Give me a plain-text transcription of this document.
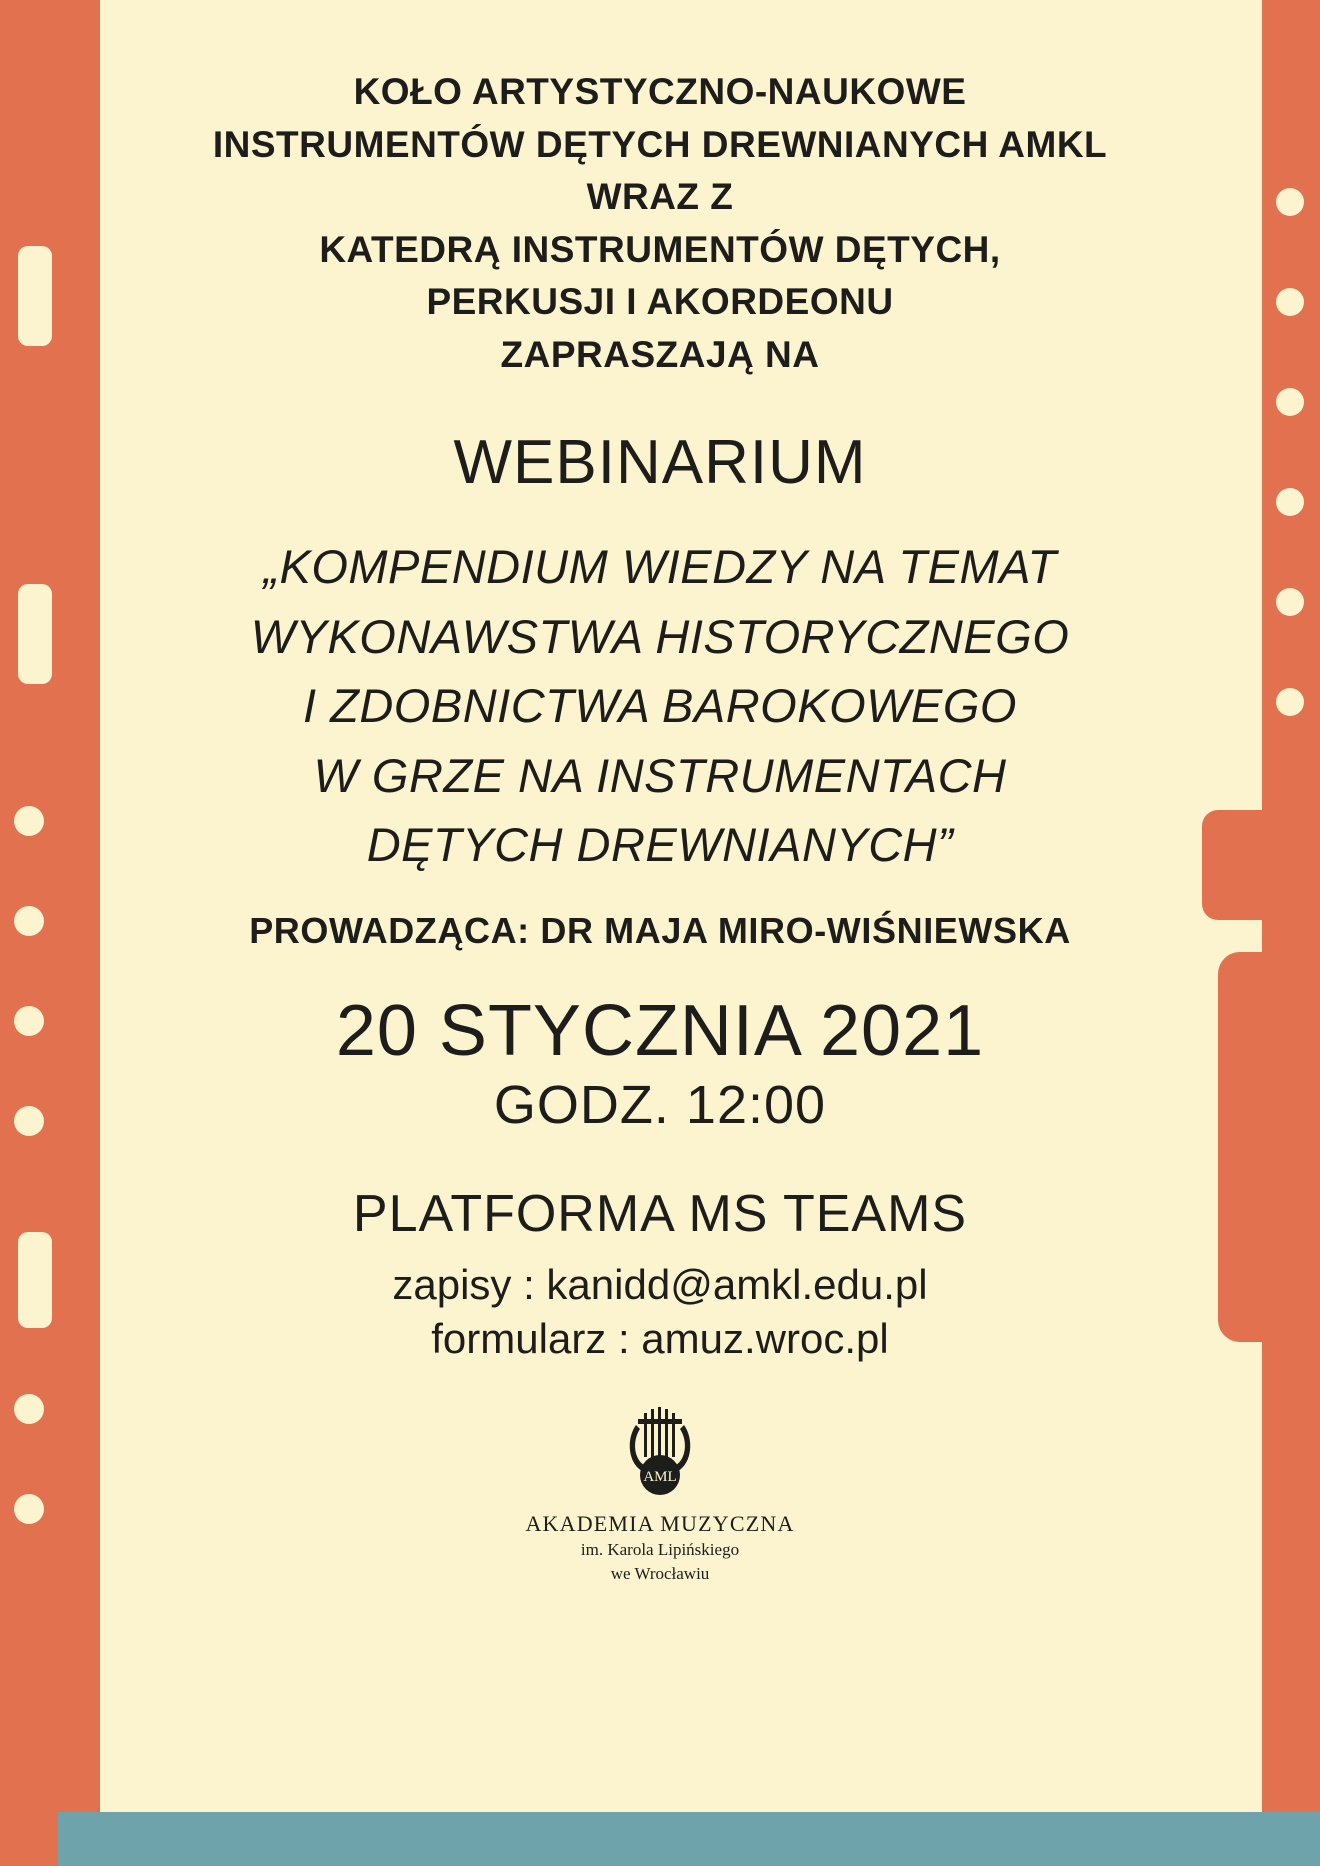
KOŁO ARTYSTYCZNO-NAUKOWE
INSTRUMENTÓW DĘTYCH DREWNIANYCH AMKL
WRAZ Z
KATEDRĄ INSTRUMENTÓW DĘTYCH,
PERKUSJI I AKORDEONU
ZAPRASZAJĄ NA
WEBINARIUM
„KOMPENDIUM WIEDZY NA TEMAT
WYKONAWSTWA HISTORYCZNEGO
I ZDOBNICTWA BAROKOWEGO
W GRZE NA INSTRUMENTACH
DĘTYCH DREWNIANYCH”
PROWADZĄCA: DR MAJA MIRO-WIŚNIEWSKA
20 STYCZNIA 2021
GODZ. 12:00
PLATFORMA MS TEAMS
zapisy : kanidd@amkl.edu.pl
formularz : amuz.wroc.pl
AML
AKADEMIA MUZYCZNA
im. Karola Lipińskiego
we Wrocławiu
